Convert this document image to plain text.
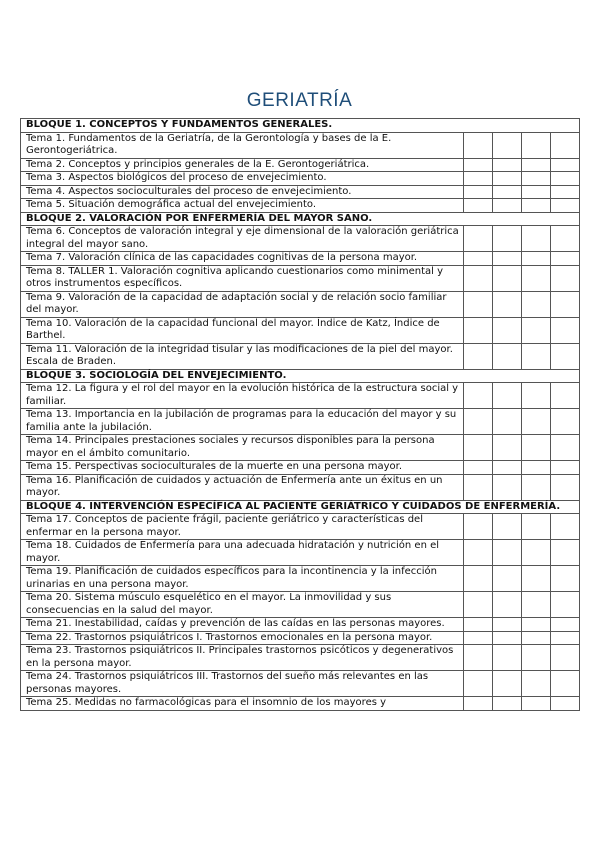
GERIATRÍA
BLOQUE 1. CONCEPTOS Y FUNDAMENTOS GENERALES.				
Tema 1. Fundamentos de la Geriatría, de la Gerontología y bases de la E. Gerontogeriátrica.				
Tema 2. Conceptos y principios generales de la E. Gerontogeriátrica.				
Tema 3. Aspectos biológicos del proceso de envejecimiento.				
Tema 4. Aspectos socioculturales del proceso de envejecimiento.				
Tema 5. Situación demográfica actual del envejecimiento.				
BLOQUE 2. VALORACIÓN POR ENFERMERÍA DEL MAYOR SANO.				
Tema 6. Conceptos de valoración integral y eje dimensional de la valoración geriátrica integral del mayor sano.				
Tema 7. Valoración clínica de las capacidades cognitivas de la persona mayor.				
Tema 8. TALLER 1. Valoración cognitiva aplicando cuestionarios como minimental y otros instrumentos específicos.				
Tema 9. Valoración de la capacidad de adaptación social y de relación socio familiar del mayor.				
Tema 10. Valoración de la capacidad funcional del mayor. Índice de Katz, Índice de Barthel.				
Tema 11. Valoración de la integridad tisular y las modificaciones de la piel del mayor. Escala de Braden.				
BLOQUE 3. SOCIOLOGÍA DEL ENVEJECIMIENTO.				
Tema 12. La figura y el rol del mayor en la evolución histórica de la estructura social y familiar.				
Tema 13. Importancia en la jubilación de programas para la educación del mayor y su familia ante la jubilación.				
Tema 14. Principales prestaciones sociales y recursos disponibles para la persona mayor en el ámbito comunitario.				
Tema 15. Perspectivas socioculturales de la muerte en una persona mayor.				
Tema 16. Planificación de cuidados y actuación de Enfermería ante un éxitus en un mayor.				
BLOQUE 4. INTERVENCIÓN ESPECÍFICA AL PACIENTE GERIÁTRICO Y CUIDADOS DE ENFERMERÍA.				
Tema 17. Conceptos de paciente frágil, paciente geriátrico y características del enfermar en la persona mayor.				
Tema 18. Cuidados de Enfermería para una adecuada hidratación y nutrición en el mayor.				
Tema 19. Planificación de cuidados específicos para la incontinencia y la infección urinarias en una persona mayor.				
Tema 20. Sistema músculo esquelético en el mayor. La inmovilidad y sus consecuencias en la salud del mayor.				
Tema 21. Inestabilidad, caídas y prevención de las caídas en las personas mayores.				
Tema 22. Trastornos psiquiátricos I. Trastornos emocionales en la persona mayor.				
Tema 23. Trastornos psiquiátricos II. Principales trastornos psicóticos y degenerativos en la persona mayor.				
Tema 24. Trastornos psiquiátricos III. Trastornos del sueño más relevantes en las personas mayores.				
Tema 25. Medidas no farmacológicas para el insomnio de los mayores y				
